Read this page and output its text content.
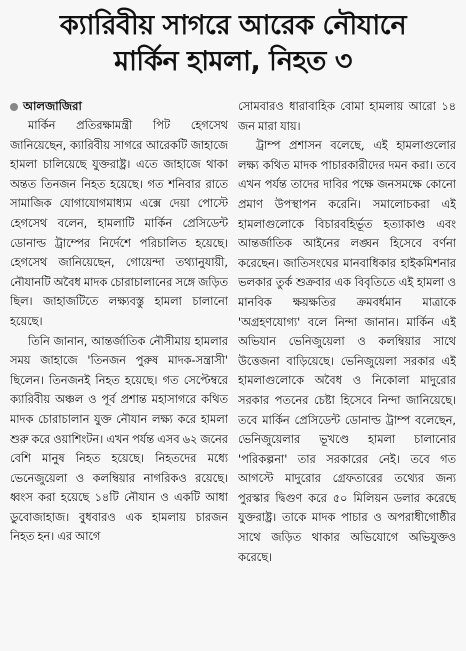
ক্যারিবীয় সাগরে আরেক নৌযানে
মার্কিন হামলা, নিহত ৩
আলজাজিরা

মার্কিন প্রতিরক্ষামন্ত্রী পিট হেগসেথ জানিয়েছেন, ক্যারিবীয় সাগরে আরেকটি জাহাজে হামলা চালিয়েছে যুক্তরাষ্ট্র। এতে জাহাজে থাকা অন্তত তিনজন নিহত হয়েছে। গত শনিবার রাতে সামাজিক যোগাযোগমাধ্যম এক্সে দেয়া পোস্টে হেগসেথ বলেন, হামলাটি মার্কিন প্রেসিডেন্ট ডোনাল্ড ট্রাম্পের নির্দেশে পরিচালিত হয়েছে। হেগসেথ জানিয়েছেন, গোয়েন্দা তথ্যানুযায়ী, নৌযানটি অবৈধ মাদক চোরাচালানের সঙ্গে জড়িত ছিল। জাহাজটিতে লক্ষ্যবস্তু হামলা চালানো হয়েছে।

তিনি জানান, আন্তর্জাতিক নৌসীমায় হামলার সময় জাহাজে 'তিনজন পুরুষ মাদক-সন্ত্রাসী' ছিলেন। তিনজনই নিহত হয়েছে। গত সেপ্টেম্বরে ক্যারিবীয় অঞ্চল ও পূর্ব প্রশান্ত মহাসাগরে কথিত মাদক চোরাচালান যুক্ত নৌযান লক্ষ্য করে হামলা শুরু করে ওয়াশিংটন। এখন পর্যন্ত এসব ৬২ জনের বেশি মানুষ নিহত হয়েছে। নিহতদের মধ্যে ভেনেজুয়েলা ও কলম্বিয়ার নাগরিকও রয়েছে। ধ্বংস করা হয়েছে ১৪টি নৌযান ও একটি আধা ডুবোজাহাজ। বুধবারও এক হামলায় চারজন নিহত হন। এর আগে

সোমবারও ধারাবাহিক বোমা হামলায় আরো ১৪ জন মারা যায়।

ট্রাম্প প্রশাসন বলেছে, এই হামলাগুলোর লক্ষ্য কথিত মাদক পাচারকারীদের দমন করা। তবে এখন পর্যন্ত তাদের দাবির পক্ষে জনসমক্ষে কোনো প্রমাণ উপস্থাপন করেনি। সমালোচকরা এই হামলাগুলোকে বিচারবহির্ভূত হত্যাকাণ্ড এবং আন্তর্জাতিক আইনের লঙ্ঘন হিসেবে বর্ণনা করেছেন। জাতিসংঘের মানবাধিকার হাইকমিশনার ভলকার তুর্ক শুক্রবার এক বিবৃতিতে এই হামলা ও মানবিক ক্ষয়ক্ষতির ক্রমবর্ধমান মাত্রাকে 'অগ্রহণযোগ্য' বলে নিন্দা জানান। মার্কিন এই অভিযান ভেনিজুয়েলা ও কলম্বিয়ার সাথে উত্তেজনা বাড়িয়েছে। ভেনিজুয়েলা সরকার এই হামলাগুলোকে অবৈধ ও নিকোলা মাদুরোর সরকার পতনের চেষ্টা হিসেবে নিন্দা জানিয়েছে। তবে মার্কিন প্রেসিডেন্ট ডোনাল্ড ট্রাম্প বলেছেন, ভেনিজুয়েলার ভূখণ্ডে হামলা চালানোর 'পরিকল্পনা' তার সরকারের নেই। তবে গত আগস্টে মাদুরোর গ্রেফতারের তথ্যের জন্য পুরস্কার দ্বিগুণ করে ৫০ মিলিয়ন ডলার করেছে যুক্তরাষ্ট্র। তাকে মাদক পাচার ও অপরাধীগোষ্ঠীর সাথে জড়িত থাকার অভিযোগে অভিযুক্তও করেছে।
